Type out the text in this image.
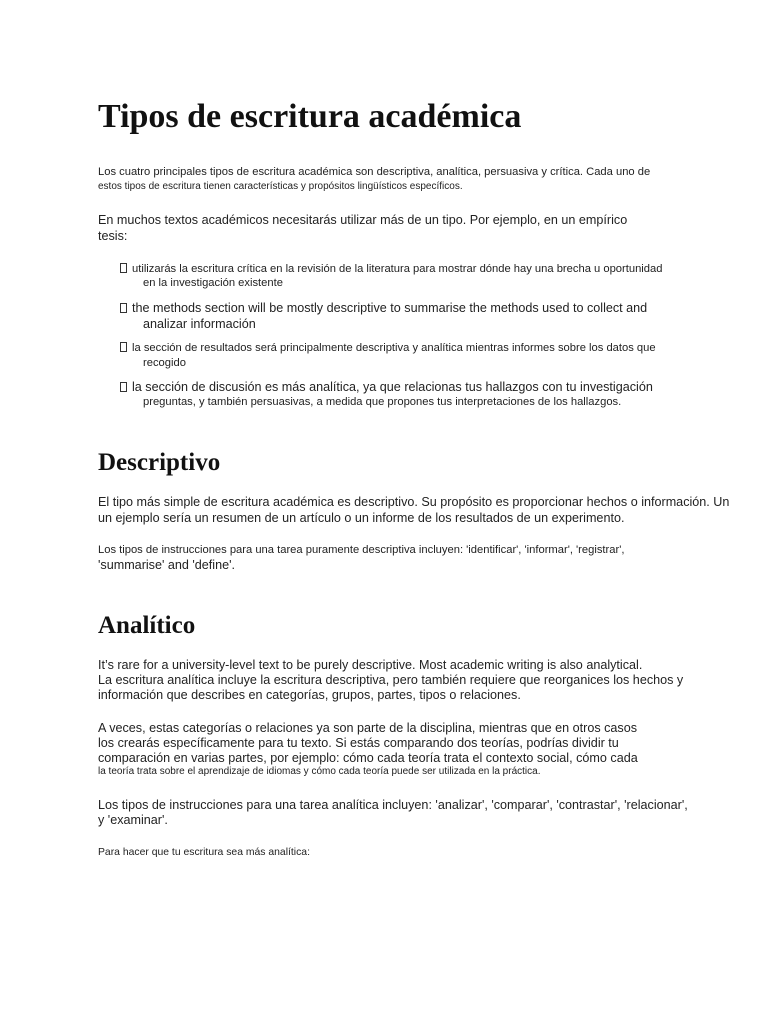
Tipos de escritura académica

Los cuatro principales tipos de escritura académica son descriptiva, analítica, persuasiva y crítica. Cada uno de

estos tipos de escritura tienen características y propósitos lingüísticos específicos.

En muchos textos académicos necesitarás utilizar más de un tipo. Por ejemplo, en un empírico

tesis:

utilizarás la escritura crítica en la revisión de la literatura para mostrar dónde hay una brecha u oportunidad

en la investigación existente

the methods section will be mostly descriptive to summarise the methods used to collect and

analizar información

la sección de resultados será principalmente descriptiva y analítica mientras informes sobre los datos que

recogido

la sección de discusión es más analítica, ya que relacionas tus hallazgos con tu investigación

preguntas, y también persuasivas, a medida que propones tus interpretaciones de los hallazgos.

Descriptivo

El tipo más simple de escritura académica es descriptivo. Su propósito es proporcionar hechos o información. Un

un ejemplo sería un resumen de un artículo o un informe de los resultados de un experimento.

Los tipos de instrucciones para una tarea puramente descriptiva incluyen: 'identificar', 'informar', 'registrar',

'summarise' and 'define'.

Analítico

It’s rare for a university-level text to be purely descriptive. Most academic writing is also analytical.

La escritura analítica incluye la escritura descriptiva, pero también requiere que reorganices los hechos y

información que describes en categorías, grupos, partes, tipos o relaciones.

A veces, estas categorías o relaciones ya son parte de la disciplina, mientras que en otros casos

los crearás específicamente para tu texto. Si estás comparando dos teorías, podrías dividir tu

comparación en varias partes, por ejemplo: cómo cada teoría trata el contexto social, cómo cada

la teoría trata sobre el aprendizaje de idiomas y cómo cada teoría puede ser utilizada en la práctica.

Los tipos de instrucciones para una tarea analítica incluyen: 'analizar', 'comparar', 'contrastar', 'relacionar',

y 'examinar'.

Para hacer que tu escritura sea más analítica:
